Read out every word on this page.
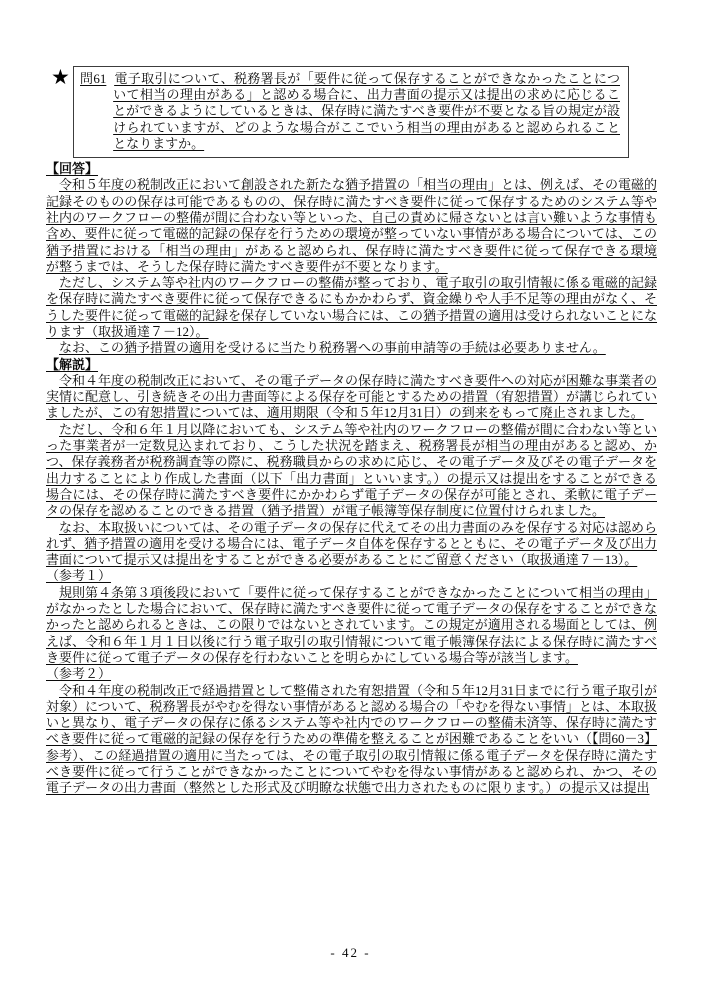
★ 問61 電子取引について、税務署長が「要件に従って保存することができなかったことについて相当の理由がある」と認める場合に、出力書面の提示又は提出の求めに応じることができるようにしているときは、保存時に満たすべき要件が不要となる旨の規定が設けられていますが、どのような場合がここでいう相当の理由があると認められることとなりますか。
【回答】

令和５年度の税制改正において創設された新たな猶予措置の「相当の理由」とは、例えば、その電磁的記録そのものの保存は可能であるものの、保存時に満たすべき要件に従って保存するためのシステム等や社内のワークフローの整備が間に合わない等といった、自己の責めに帰さないとは言い難いような事情も含め、要件に従って電磁的記録の保存を行うための環境が整っていない事情がある場合については、この猶予措置における「相当の理由」があると認められ、保存時に満たすべき要件に従って保存できる環境が整うまでは、そうした保存時に満たすべき要件が不要となります。

ただし、システム等や社内のワークフローの整備が整っており、電子取引の取引情報に係る電磁的記録を保存時に満たすべき要件に従って保存できるにもかかわらず、資金繰りや人手不足等の理由がなく、そうした要件に従って電磁的記録を保存していない場合には、この猶予措置の適用は受けられないことになります（取扱通達７－12）。

なお、この猶予措置の適用を受けるに当たり税務署への事前申請等の手続は必要ありません。

【解説】

令和４年度の税制改正において、その電子データの保存時に満たすべき要件への対応が困難な事業者の実情に配意し、引き続きその出力書面等による保存を可能とするための措置（宥恕措置）が講じられていましたが、この宥恕措置については、適用期限（令和５年12月31日）の到来をもって廃止されました。

ただし、令和６年１月以降においても、システム等や社内のワークフローの整備が間に合わない等といった事業者が一定数見込まれており、こうした状況を踏まえ、税務署長が相当の理由があると認め、かつ、保存義務者が税務調査等の際に、税務職員からの求めに応じ、その電子データ及びその電子データを出力することにより作成した書面（以下「出力書面」といいます。）の提示又は提出をすることができる場合には、その保存時に満たすべき要件にかかわらず電子データの保存が可能とされ、柔軟に電子データの保存を認めることのできる措置（猶予措置）が電子帳簿等保存制度に位置付けられました。

なお、本取扱いについては、その電子データの保存に代えてその出力書面のみを保存する対応は認められず、猶予措置の適用を受ける場合には、電子データ自体を保存するとともに、その電子データ及び出力書面について提示又は提出をすることができる必要があることにご留意ください（取扱通達７－13）。

（参考１）

規則第４条第３項後段において「要件に従って保存することができなかったことについて相当の理由」がなかったとした場合において、保存時に満たすべき要件に従って電子データの保存をすることができなかったと認められるときは、この限りではないとされています。この規定が適用される場面としては、例えば、令和６年１月１日以後に行う電子取引の取引情報について電子帳簿保存法による保存時に満たすべき要件に従って電子データの保存を行わないことを明らかにしている場合等が該当します。

（参考２）

令和４年度の税制改正で経過措置として整備された宥恕措置（令和５年12月31日までに行う電子取引が対象）について、税務署長がやむを得ない事情があると認める場合の「やむを得ない事情」とは、本取扱いと異なり、電子データの保存に係るシステム等や社内でのワークフローの整備未済等、保存時に満たすべき要件に従って電磁的記録の保存を行うための準備を整えることが困難であることをいい（【問60－3】参考）、この経過措置の適用に当たっては、その電子取引の取引情報に係る電子データを保存時に満たすべき要件に従って行うことができなかったことについてやむを得ない事情があると認められ、かつ、その電子データの出力書面（整然とした形式及び明瞭な状態で出力されたものに限ります。）の提示又は提出

- 42 -
